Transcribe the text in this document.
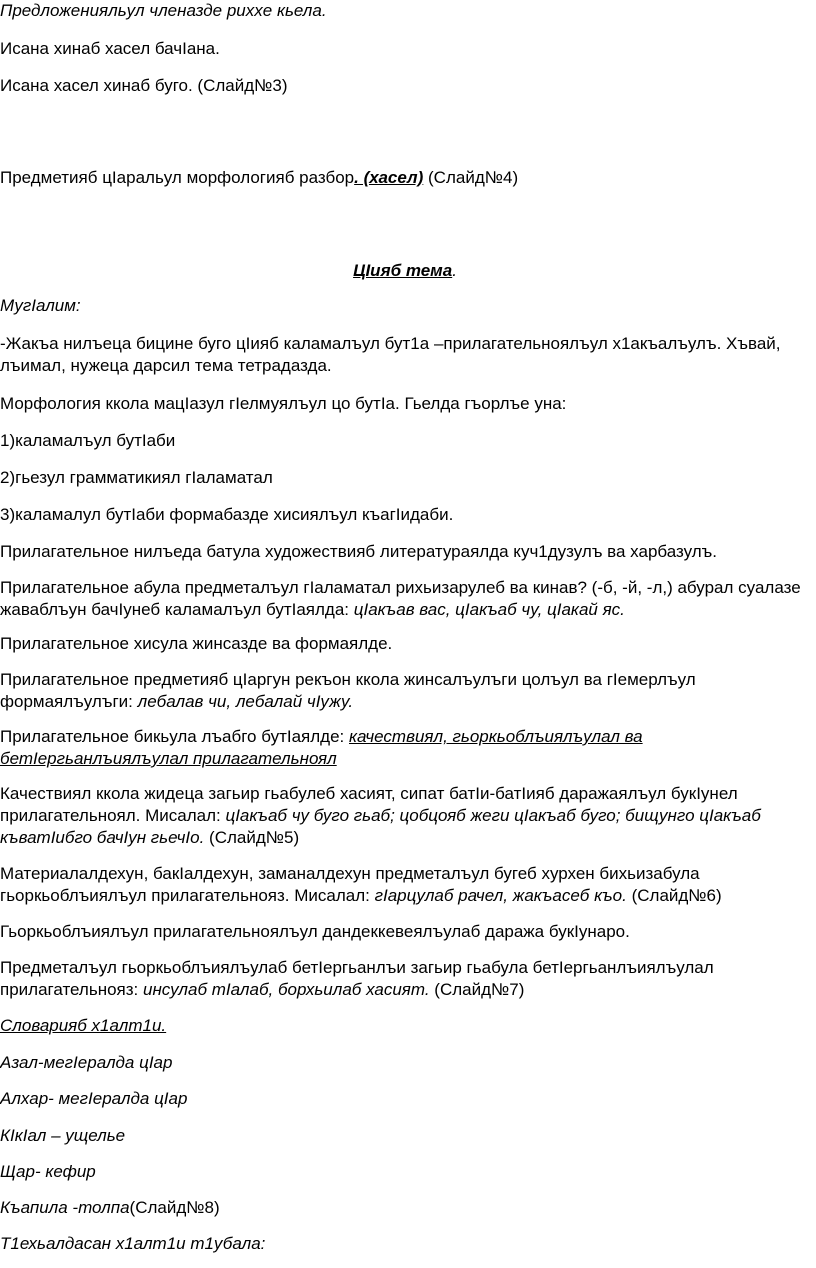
Предложенияльул членазде рихxе кьела.
Исана хинаб хасел бачIана.
Исана хасел хинаб буго. (Слайд№3)
Предметияб цIаральул морфологияб разбор. (хасел) (Слайд№4)
ЦIияб тема.
МугIалим:
-Жакъа нилъеца бицине буго цIияб каламалъул бут1а –прилагательноялъул х1акъалъулъ. Хъвай, лъимал, нужеца дарсил тема тетрадазда.
Морфология ккола мацIазул гIелмуялъул цо бутIа. Гьелда гъорлъе уна:
1)каламалъул бутIаби
2)гьезул грамматикиял гIаламатал
3)каламалул бутIаби формабазде хисиялъул къагIидаби.
Прилагательное нилъеда батула художествияб литератураялда куч1дузулъ ва харбазулъ.
Прилагательное абула предметалъул гIаламатал рихьизарулеб ва кинав? (-б, -й, -л,) абурал суалазе жаваблъун бачIунеб каламалъул бутIаялда: цIакъав вас, цIакъаб чу, цIакай яс.
Прилагательное хисула жинсазде ва формаялде.
Прилагательное предметияб цIаргун рекъон ккола жинсалъулъги цолъул ва гIемерлъул формаялъулъги: лебалав чи, лебалай чIужу.
Прилагательное бикьула лъабго бутIаялде: качествиял, гьоркьоблъиялъулал ва бетIергьанлъиялъулал прилагательноял
Качествиял ккола жидеца загьир гьабулеб хасият, сипат батIи-батIияб даражаялъул букIунел прилагательноял. Мисалал: цIакъаб чу буго гьаб; цобцояб жеги цIакъаб буго; бищунго цIакъаб къватIибго бачIун гьечIо. (Слайд№5)
Материалалдехун, бакIалдехун, заманалдехун предметалъул бугеб хурхен бихьизабула гьоркьоблъиялъул прилагательнояз. Мисалал: гIарцулаб рачел, жакъасеб къо. (Слайд№6)
Гьоркьоблъиялъул прилагательноялъул дандеккевеялъулаб даража букIунаро.
Предметалъул гьоркьоблъиялъулаб бетIергьанлъи загьир гьабула бетIергьанлъиялъулал прилагательнояз: инсулаб тIалаб, борхьилаб хасият. (Слайд№7)
Словарияб х1алт1и.
Азал-мегIералда цIар
Алхар- мегIералда цIар
КIкIал – ущелье
Щар- кефир
Къапила -толпа(Слайд№8)
Т1ехьалдасан х1алт1и т1убала:
